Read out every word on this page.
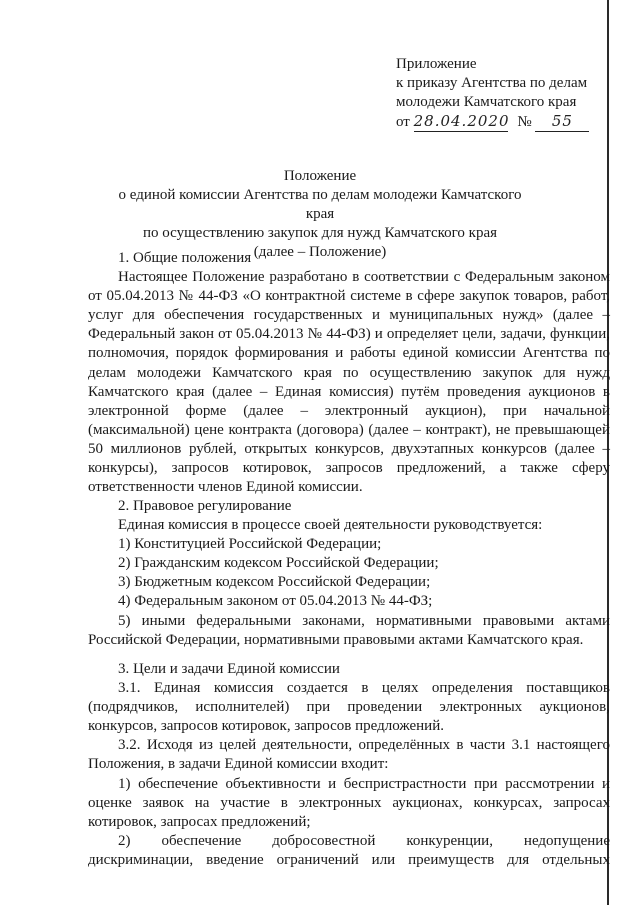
Приложение
к приказу Агентства по делам
молодежи Камчатского края
от 28.04.2020 № 55
Положение
о единой комиссии Агентства по делам молодежи Камчатского края
по осуществлению закупок для нужд Камчатского края
(далее – Положение)
1. Общие положения

Настоящее Положение разработано в соответствии с Федеральным законом от 05.04.2013 № 44-ФЗ «О контрактной системе в сфере закупок товаров, работ, услуг для обеспечения государственных и муниципальных нужд» (далее – Федеральный закон от 05.04.2013 № 44-ФЗ) и определяет цели, задачи, функции, полномочия, порядок формирования и работы единой комиссии Агентства по делам молодежи Камчатского края по осуществлению закупок для нужд Камчатского края (далее – Единая комиссия) путём проведения аукционов в электронной форме (далее – электронный аукцион), при начальной (максимальной) цене контракта (договора) (далее – контракт), не превышающей 50 миллионов рублей, открытых конкурсов, двухэтапных конкурсов (далее – конкурсы), запросов котировок, запросов предложений, а также сферу ответственности членов Единой комиссии.

2. Правовое регулирование
Единая комиссия в процессе своей деятельности руководствуется:
1) Конституцией Российской Федерации;
2) Гражданским кодексом Российской Федерации;
3) Бюджетным кодексом Российской Федерации;
4) Федеральным законом от 05.04.2013 № 44-ФЗ;

5) иными федеральными законами, нормативными правовыми актами Российской Федерации, нормативными правовыми актами Камчатского края.

3. Цели и задачи Единой комиссии

3.1. Единая комиссия создается в целях определения поставщиков (подрядчиков, исполнителей) при проведении электронных аукционов, конкурсов, запросов котировок, запросов предложений.

3.2. Исходя из целей деятельности, определённых в части 3.1 настоящего Положения, в задачи Единой комиссии входит:

1) обеспечение объективности и беспристрастности при рассмотрении и оценке заявок на участие в электронных аукционах, конкурсах, запросах котировок, запросах предложений;

2) обеспечение добросовестной конкуренции, недопущение

дискриминации, введение ограничений или преимуществ для отдельных
